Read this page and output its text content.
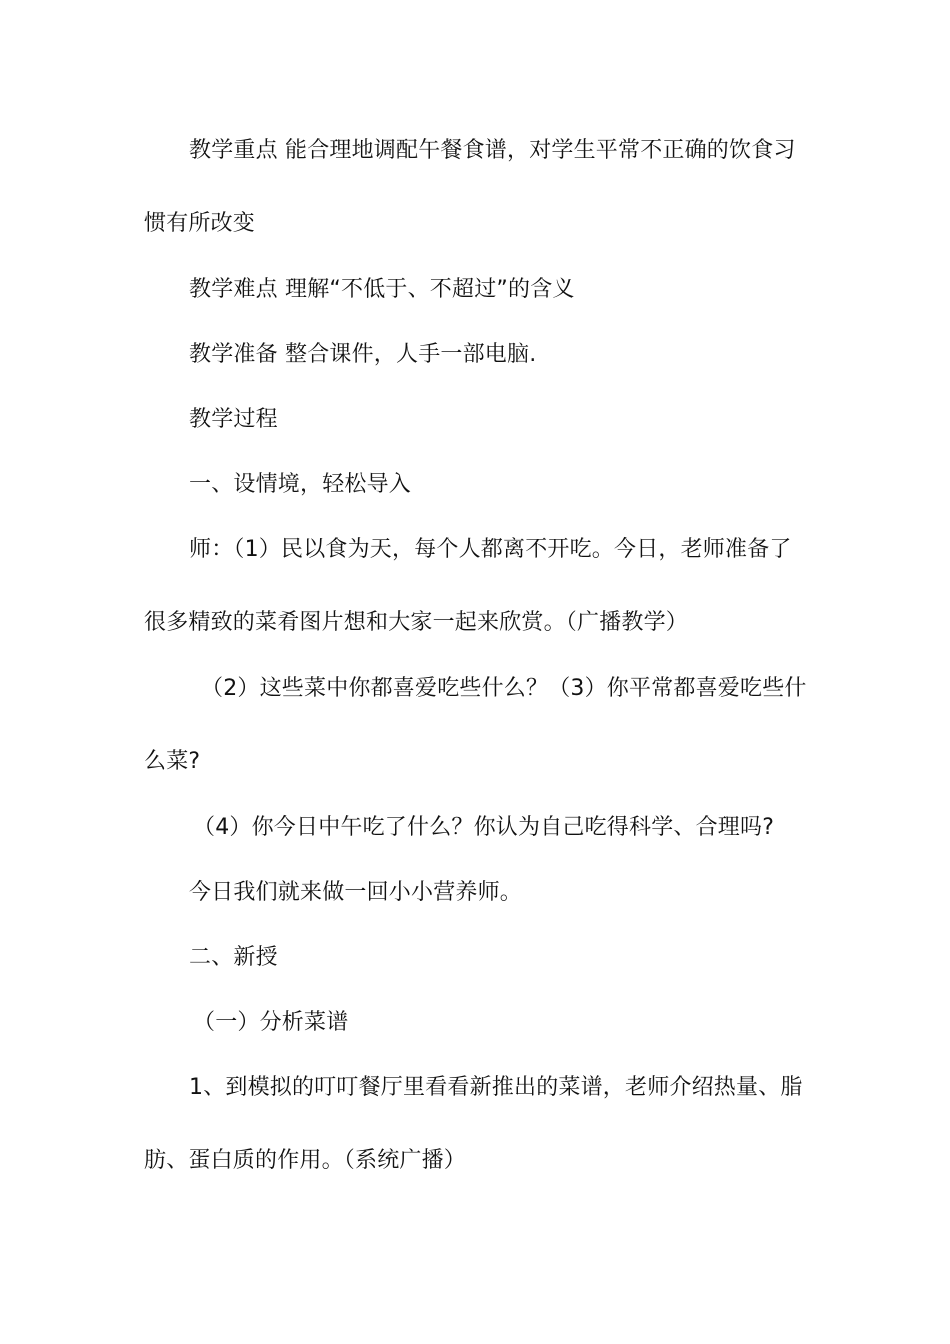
教学重点 能合理地调配午餐食谱，对学生平常不正确的饮食习
惯有所改变
教学难点 理解“不低于、不超过”的含义
教学准备 整合课件，人手一部电脑.
教学过程
一、设情境，轻松导入
师：（1）民以食为天，每个人都离不开吃。今日，老师准备了
很多精致的菜肴图片想和大家一起来欣赏。（广播教学）
（2）这些菜中你都喜爱吃些什么？（3）你平常都喜爱吃些什
么菜?
（4）你今日中午吃了什么？你认为自己吃得科学、合理吗?
今日我们就来做一回小小营养师。
二、新授
（一）分析菜谱
1、到模拟的叮叮餐厅里看看新推出的菜谱，老师介绍热量、脂
肪、蛋白质的作用。（系统广播）
